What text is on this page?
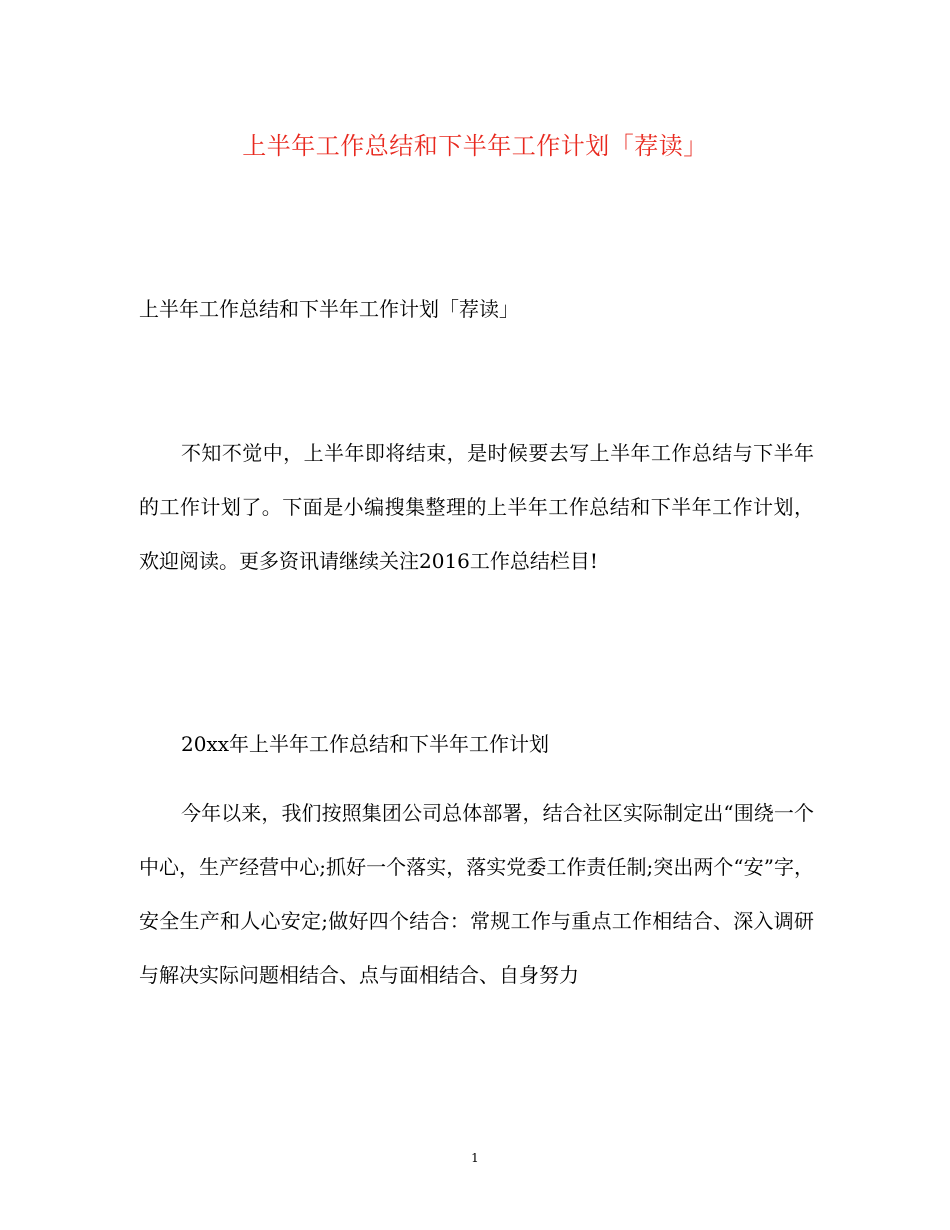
上半年工作总结和下半年工作计划「荐读」
上半年工作总结和下半年工作计划「荐读」

不知不觉中，上半年即将结束，是时候要去写上半年工作总结与下半年的工作计划了。下面是小编搜集整理的上半年工作总结和下半年工作计划，欢迎阅读。更多资讯请继续关注2016工作总结栏目!

20xx年上半年工作总结和下半年工作计划

今年以来，我们按照集团公司总体部署，结合社区实际制定出“围绕一个中心，生产经营中心;抓好一个落实，落实党委工作责任制;突出两个“安”字，安全生产和人心安定;做好四个结合：常规工作与重点工作相结合、深入调研与解决实际问题相结合、点与面相结合、自身努力

1
